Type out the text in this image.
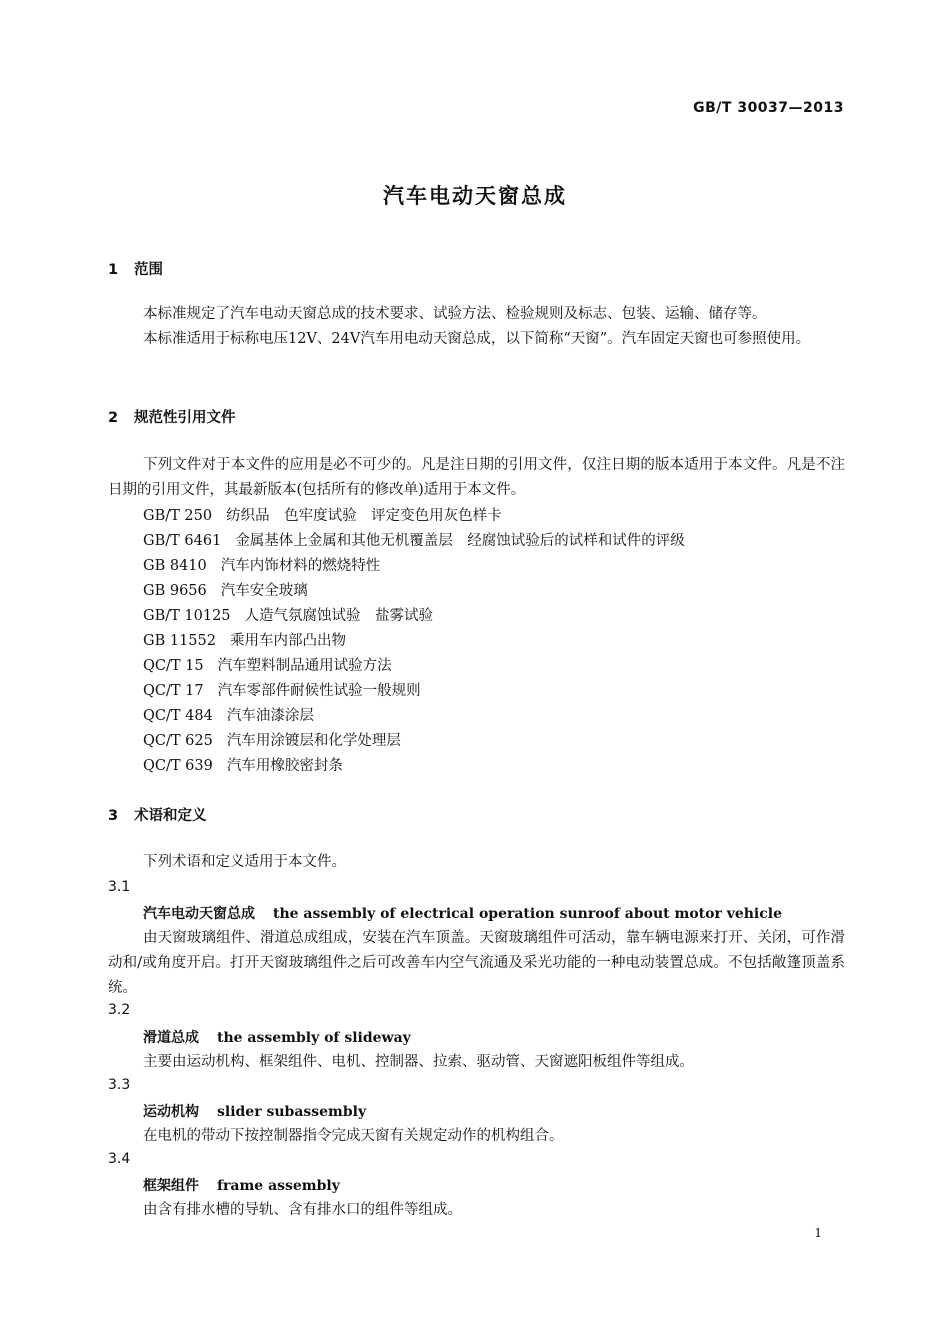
GB/T 30037—2013
汽车电动天窗总成
1 范围

本标准规定了汽车电动天窗总成的技术要求、试验方法、检验规则及标志、包装、运输、储存等。

本标准适用于标称电压12V、24V汽车用电动天窗总成，以下简称“天窗”。汽车固定天窗也可参照使用。

2 规范性引用文件

下列文件对于本文件的应用是必不可少的。凡是注日期的引用文件，仅注日期的版本适用于本文件。凡是不注日期的引用文件，其最新版本(包括所有的修改单)适用于本文件。

GB/T 250 纺织品　色牢度试验　评定变色用灰色样卡
GB/T 6461 金属基体上金属和其他无机覆盖层　经腐蚀试验后的试样和试件的评级
GB 8410 汽车内饰材料的燃烧特性
GB 9656 汽车安全玻璃
GB/T 10125 人造气氛腐蚀试验　盐雾试验
GB 11552 乘用车内部凸出物
QC/T 15 汽车塑料制品通用试验方法
QC/T 17 汽车零部件耐候性试验一般规则
QC/T 484 汽车油漆涂层
QC/T 625 汽车用涂镀层和化学处理层
QC/T 639 汽车用橡胶密封条
3 术语和定义

下列术语和定义适用于本文件。

3.1
汽车电动天窗总成 the assembly of electrical operation sunroof about motor vehicle

由天窗玻璃组件、滑道总成组成，安装在汽车顶盖。天窗玻璃组件可活动，靠车辆电源来打开、关闭，可作滑动和/或角度开启。打开天窗玻璃组件之后可改善车内空气流通及采光功能的一种电动装置总成。不包括敞篷顶盖系统。

3.2
滑道总成 the assembly of slideway

主要由运动机构、框架组件、电机、控制器、拉索、驱动管、天窗遮阳板组件等组成。

3.3
运动机构 slider subassembly

在电机的带动下按控制器指令完成天窗有关规定动作的机构组合。

3.4
框架组件 frame assembly

由含有排水槽的导轨、含有排水口的组件等组成。

1
